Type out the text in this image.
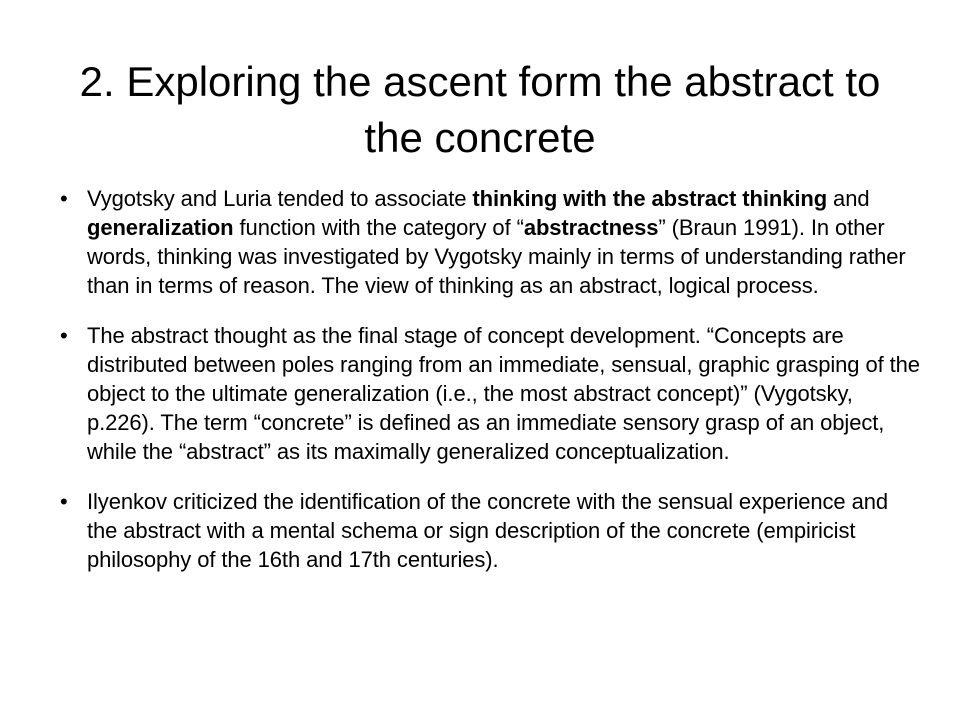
2. Exploring the ascent form the abstract to the concrete
• Vygotsky and Luria tended to associate thinking with the abstract thinking and generalization function with the category of “abstractness” (Braun 1991). In other words, thinking was investigated by Vygotsky mainly in terms of understanding rather than in terms of reason. The view of thinking as an abstract, logical process.
• The abstract thought as the final stage of concept development. “Concepts are distributed between poles ranging from an immediate, sensual, graphic grasping of the object to the ultimate generalization (i.e., the most abstract concept)” (Vygotsky, p.226). The term “concrete” is defined as an immediate sensory grasp of an object, while the “abstract” as its maximally generalized conceptualization.
• Ilyenkov criticized the identification of the concrete with the sensual experience and the abstract with a mental schema or sign description of the concrete (empiricist philosophy of the 16th and 17th centuries).
